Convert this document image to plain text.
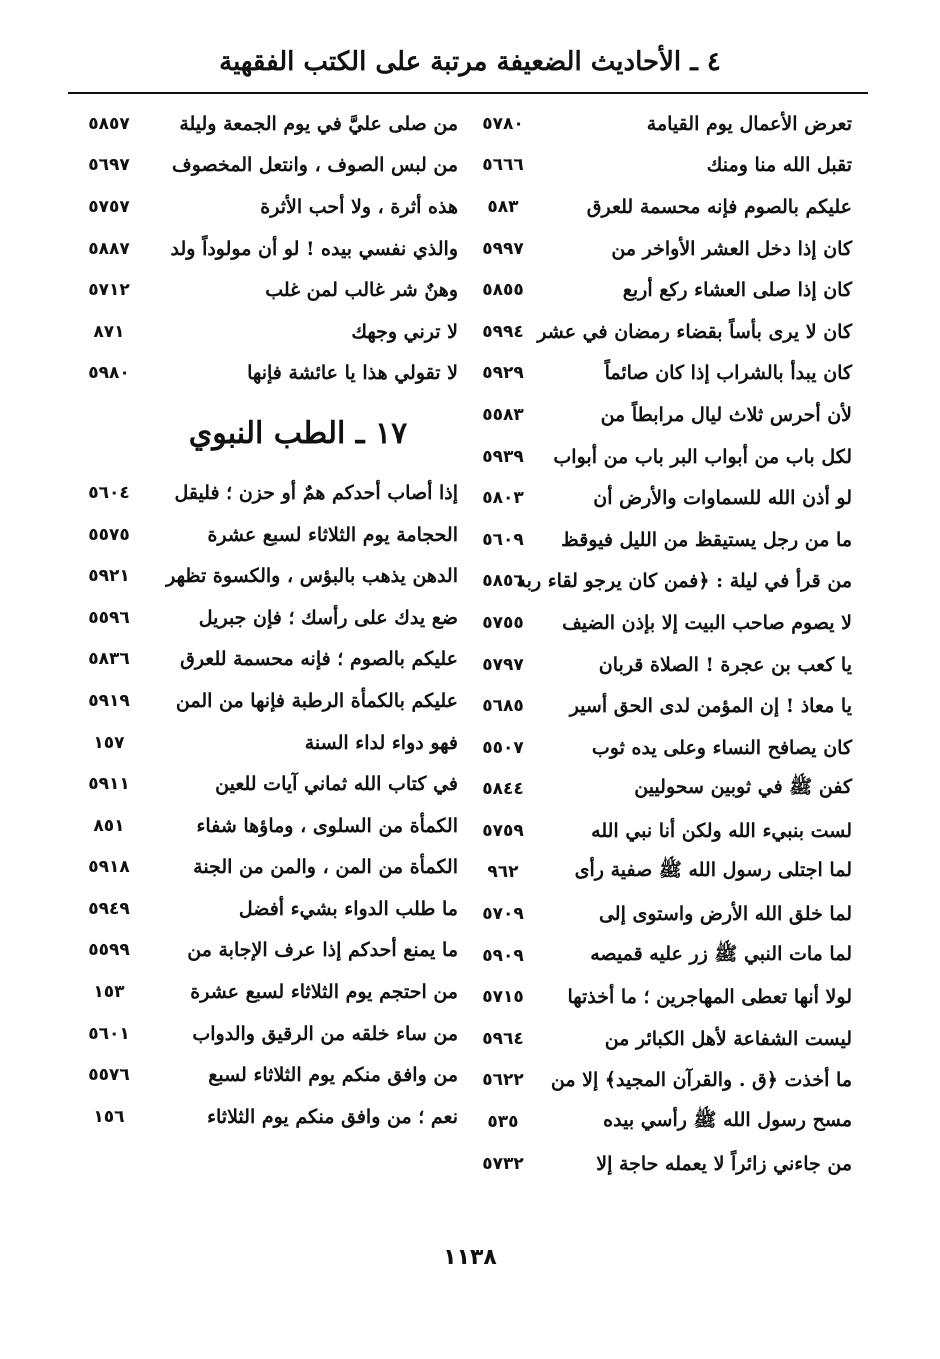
٤ ـ الأحاديث الضعيفة مرتبة على الكتب الفقهية
تعرض الأعمال يوم القيامة
٥٧٨٠
تقبل الله منا ومنك
٥٦٦٦
عليكم بالصوم فإنه محسمة للعرق
٥٨٣
كان إذا دخل العشر الأواخر من
٥٩٩٧
كان إذا صلى العشاء ركع أربع
٥٨٥٥
كان لا يرى بأساً بقضاء رمضان في عشر
٥٩٩٤
كان يبدأ بالشراب إذا كان صائماً
٥٩٢٩
لأن أحرس ثلاث ليال مرابطاً من
٥٥٨٣
لكل باب من أبواب البر باب من أبواب
٥٩٣٩
لو أذن الله للسماوات والأرض أن
٥٨٠٣
ما من رجل يستيقظ من الليل فيوقظ
٥٦٠٩
من قرأ في ليلة : ﴿فمن كان يرجو لقاء ربه
٥٨٥٦
لا يصوم صاحب البيت إلا بإذن الضيف
٥٧٥٥
يا كعب بن عجرة ! الصلاة قربان
٥٧٩٧
يا معاذ ! إن المؤمن لدى الحق أسير
٥٦٨٥
كان يصافح النساء وعلى يده ثوب
٥٥٠٧
كفن ﷺ في ثوبين سحوليين
٥٨٤٤
لست بنبيء الله ولكن أنا نبي الله
٥٧٥٩
لما اجتلى رسول الله ﷺ صفية رأى
٩٦٢
لما خلق الله الأرض واستوى إلى
٥٧٠٩
لما مات النبي ﷺ زر عليه قميصه
٥٩٠٩
لولا أنها تعطى المهاجرين ؛ ما أخذتها
٥٧١٥
ليست الشفاعة لأهل الكبائر من
٥٩٦٤
ما أخذت ﴿ق . والقرآن المجيد﴾ إلا من
٥٦٢٢
مسح رسول الله ﷺ رأسي بيده
٥٣٥
من جاءني زائراً لا يعمله حاجة إلا
٥٧٣٢
من صلى عليَّ في يوم الجمعة وليلة
٥٨٥٧
من لبس الصوف ، وانتعل المخصوف
٥٦٩٧
هذه أثرة ، ولا أحب الأثرة
٥٧٥٧
والذي نفسي بيده ! لو أن مولوداً ولد
٥٨٨٧
وهنٌ شر غالب لمن غلب
٥٧١٢
لا ترني وجهك
٨٧١
لا تقولي هذا يا عائشة فإنها
٥٩٨٠
١٧ ـ الطب النبوي
إذا أصاب أحدكم همٌ أو حزن ؛ فليقل
٥٦٠٤
الحجامة يوم الثلاثاء لسبع عشرة
٥٥٧٥
الدهن يذهب بالبؤس ، والكسوة تظهر
٥٩٢١
ضع يدك على رأسك ؛ فإن جبريل
٥٥٩٦
عليكم بالصوم ؛ فإنه محسمة للعرق
٥٨٣٦
عليكم بالكمأة الرطبة فإنها من المن
٥٩١٩
فهو دواء لداء السنة
١٥٧
في كتاب الله ثماني آيات للعين
٥٩١١
الكمأة من السلوى ، وماؤها شفاء
٨٥١
الكمأة من المن ، والمن من الجنة
٥٩١٨
ما طلب الدواء بشيء أفضل
٥٩٤٩
ما يمنع أحدكم إذا عرف الإجابة من
٥٥٩٩
من احتجم يوم الثلاثاء لسبع عشرة
١٥٣
من ساء خلقه من الرقيق والدواب
٥٦٠١
من وافق منكم يوم الثلاثاء لسبع
٥٥٧٦
نعم ؛ من وافق منكم يوم الثلاثاء
١٥٦
١١٣٨
